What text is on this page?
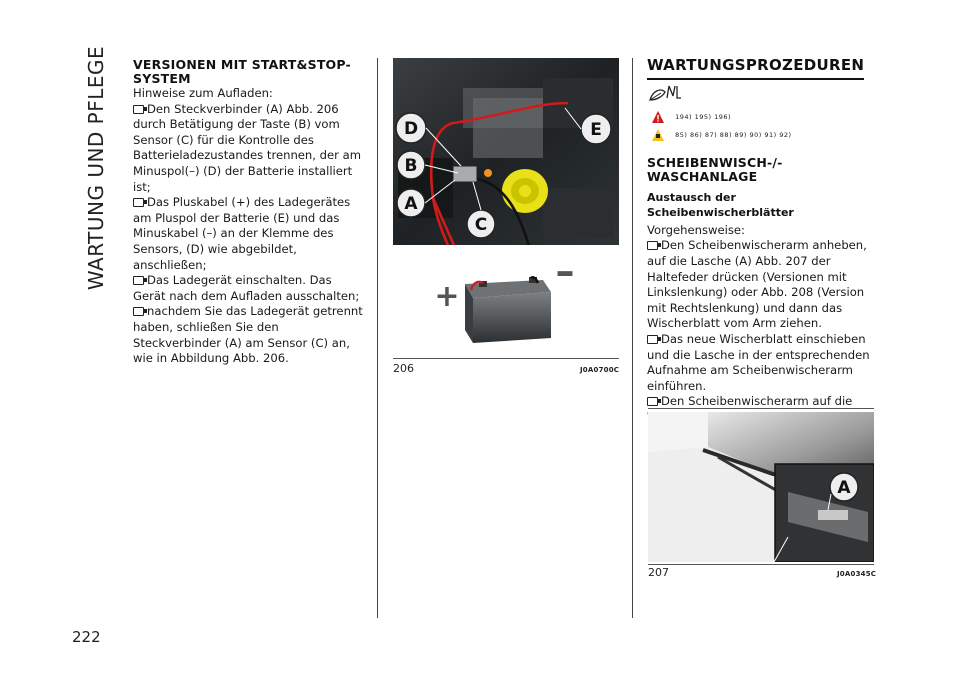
WARTUNG UND PFLEGE
222
VERSIONEN MIT START&STOP-SYSTEM

Hinweise zum Aufladen:

Den Steckverbinder (A) Abb. 206 durch Betätigung der Taste (B) vom Sensor (C) für die Kontrolle des Batterieladezustandes trennen, der am Minuspol(–) (D) der Batterie installiert ist;

Das Pluskabel (+) des Ladegerätes am Pluspol der Batterie (E) und das Minuskabel (–) an der Klemme des Sensors, (D) wie abgebildet, anschließen;

Das Ladegerät einschalten. Das Gerät nach dem Aufladen ausschalten;

nachdem Sie das Ladegerät getrennt haben, schließen Sie den Steckverbinder (A) am Sensor (C) an, wie in Abbildung Abb. 206.

D
B
A
C
E
+
–
206	J0A0700C
WARTUNGSPROZEDUREN
194) 195) 196)
85) 86) 87) 88) 89) 90) 91) 92)
SCHEIBENWISCH-/-WASCHANLAGE
Austausch der Scheibenwischerblätter

Vorgehensweise:

Den Scheibenwischerarm anheben, auf die Lasche (A) Abb. 207 der Haltefeder drücken (Versionen mit Linkslenkung) oder Abb. 208 (Version mit Rechtslenkung) und dann das Wischerblatt vom Arm ziehen.

Das neue Wischerblatt einschieben und die Lasche in der entsprechenden Aufnahme am Scheibenwischerarm einführen.

Den Scheibenwischerarm auf die

A
207	J0A0345C
